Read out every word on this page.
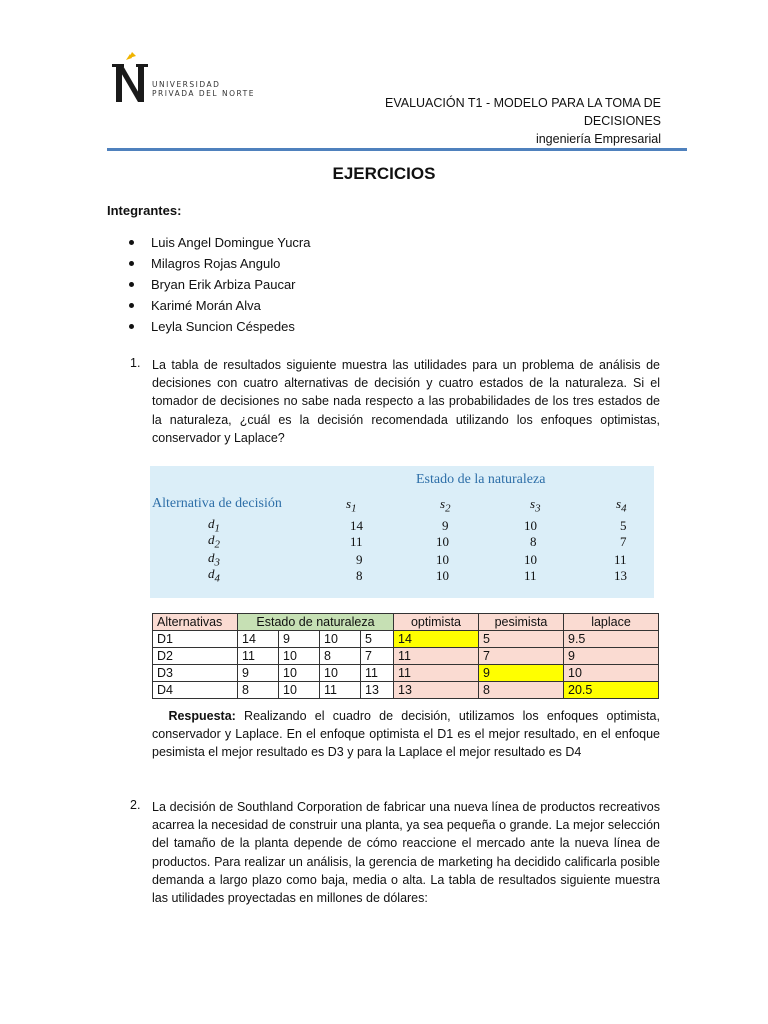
UNIVERSIDAD
PRIVADA DEL NORTE
EVALUACIÓN T1 - MODELO PARA LA TOMA DE
DECISIONES
ingeniería Empresarial
EJERCICIOS
Integrantes:
Luis Angel Domingue Yucra
Milagros Rojas Angulo
Bryan Erik Arbiza Paucar
Karimé Morán Alva
Leyla Suncion Céspedes
1. La tabla de resultados siguiente muestra las utilidades para un problema de análisis de decisiones con cuatro alternativas de decisión y cuatro estados de la naturaleza. Si el tomador de decisiones no sabe nada respecto a las probabilidades de los tres estados de la naturaleza, ¿cuál es la decisión recomendada utilizando los enfoques optimistas, conservador y Laplace?
Estado de la naturaleza
Alternativa de decisión	$s_1$	$s_2$	$s_3$	$s_4$
$d_1$	14	9	10	5
$d_2$	11	10	8	7
$d_3$	9	10	10	11
$d_4$	8	10	11	13
Alternativas	Estado de naturaleza				optimista	pesimista	laplace
D1	14	9	10	5	14	5	9.5
D2	11	10	8	7	11	7	9
D3	9	10	10	11	11	9	10
D4	8	10	11	13	13	8	20.5
Respuesta: Realizando el cuadro de decisión, utilizamos los enfoques optimista, conservador y Laplace. En el enfoque optimista el D1 es el mejor resultado, en el enfoque pesimista el mejor resultado es D3 y para la Laplace el mejor resultado es D4
2. La decisión de Southland Corporation de fabricar una nueva línea de productos recreativos acarrea la necesidad de construir una planta, ya sea pequeña o grande. La mejor selección del tamaño de la planta depende de cómo reaccione el mercado ante la nueva línea de productos. Para realizar un análisis, la gerencia de marketing ha decidido calificarla posible demanda a largo plazo como baja, media o alta. La tabla de resultados siguiente muestra las utilidades proyectadas en millones de dólares:
